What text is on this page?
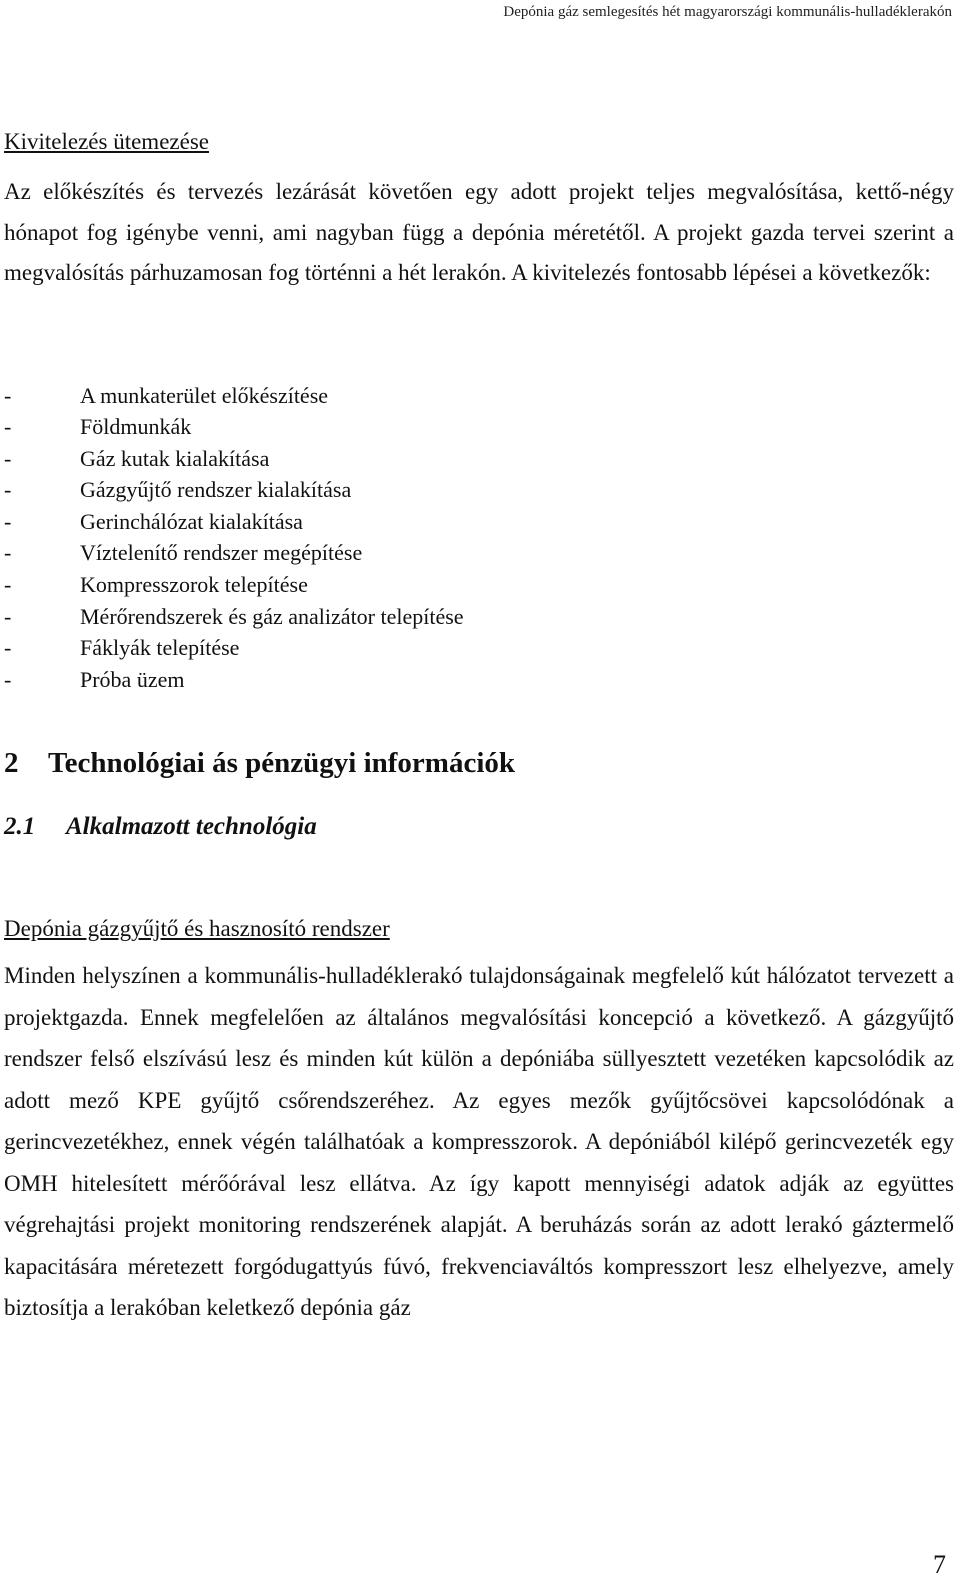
Depónia gáz semlegesítés hét magyarországi kommunális-hulladéklerakón

Kivitelezés ütemezése

Az előkészítés és tervezés lezárását követően egy adott projekt teljes megvalósítása, kettő-négy hónapot fog igénybe venni, ami nagyban függ a depónia méretétől. A projekt gazda tervei szerint a megvalósítás párhuzamosan fog történni a hét lerakón. A kivitelezés fontosabb lépései a következők:

-	A munkaterület előkészítése
-	Földmunkák
-	Gáz kutak kialakítása
-	Gázgyűjtő rendszer kialakítása
-	Gerinchálózat kialakítása
-	Víztelenítő rendszer megépítése
-	Kompresszorok telepítése
-	Mérőrendszerek és gáz analizátor telepítése
-	Fáklyák telepítése
-	Próba üzem
2	Technológiai ás pénzügyi információk
2.1	Alkalmazott technológia

Depónia gázgyűjtő és hasznosító rendszer

Minden helyszínen a kommunális-hulladéklerakó tulajdonságainak megfelelő kút hálózatot tervezett a projektgazda. Ennek megfelelően az általános megvalósítási koncepció a következő. A gázgyűjtő rendszer felső elszívású lesz és minden kút külön a depóniába süllyesztett vezetéken kapcsolódik az adott mező KPE gyűjtő csőrendszeréhez. Az egyes mezők gyűjtőcsövei kapcsolódónak a gerincvezetékhez, ennek végén találhatóak a kompresszorok. A depóniából kilépő gerincvezeték egy OMH hitelesített mérőórával lesz ellátva. Az így kapott mennyiségi adatok adják az együttes végrehajtási projekt monitoring rendszerének alapját. A beruházás során az adott lerakó gáztermelő kapacitására méretezett forgódugattyús fúvó, frekvenciaváltós kompresszort lesz elhelyezve, amely biztosítja a lerakóban keletkező depónia gáz

7
